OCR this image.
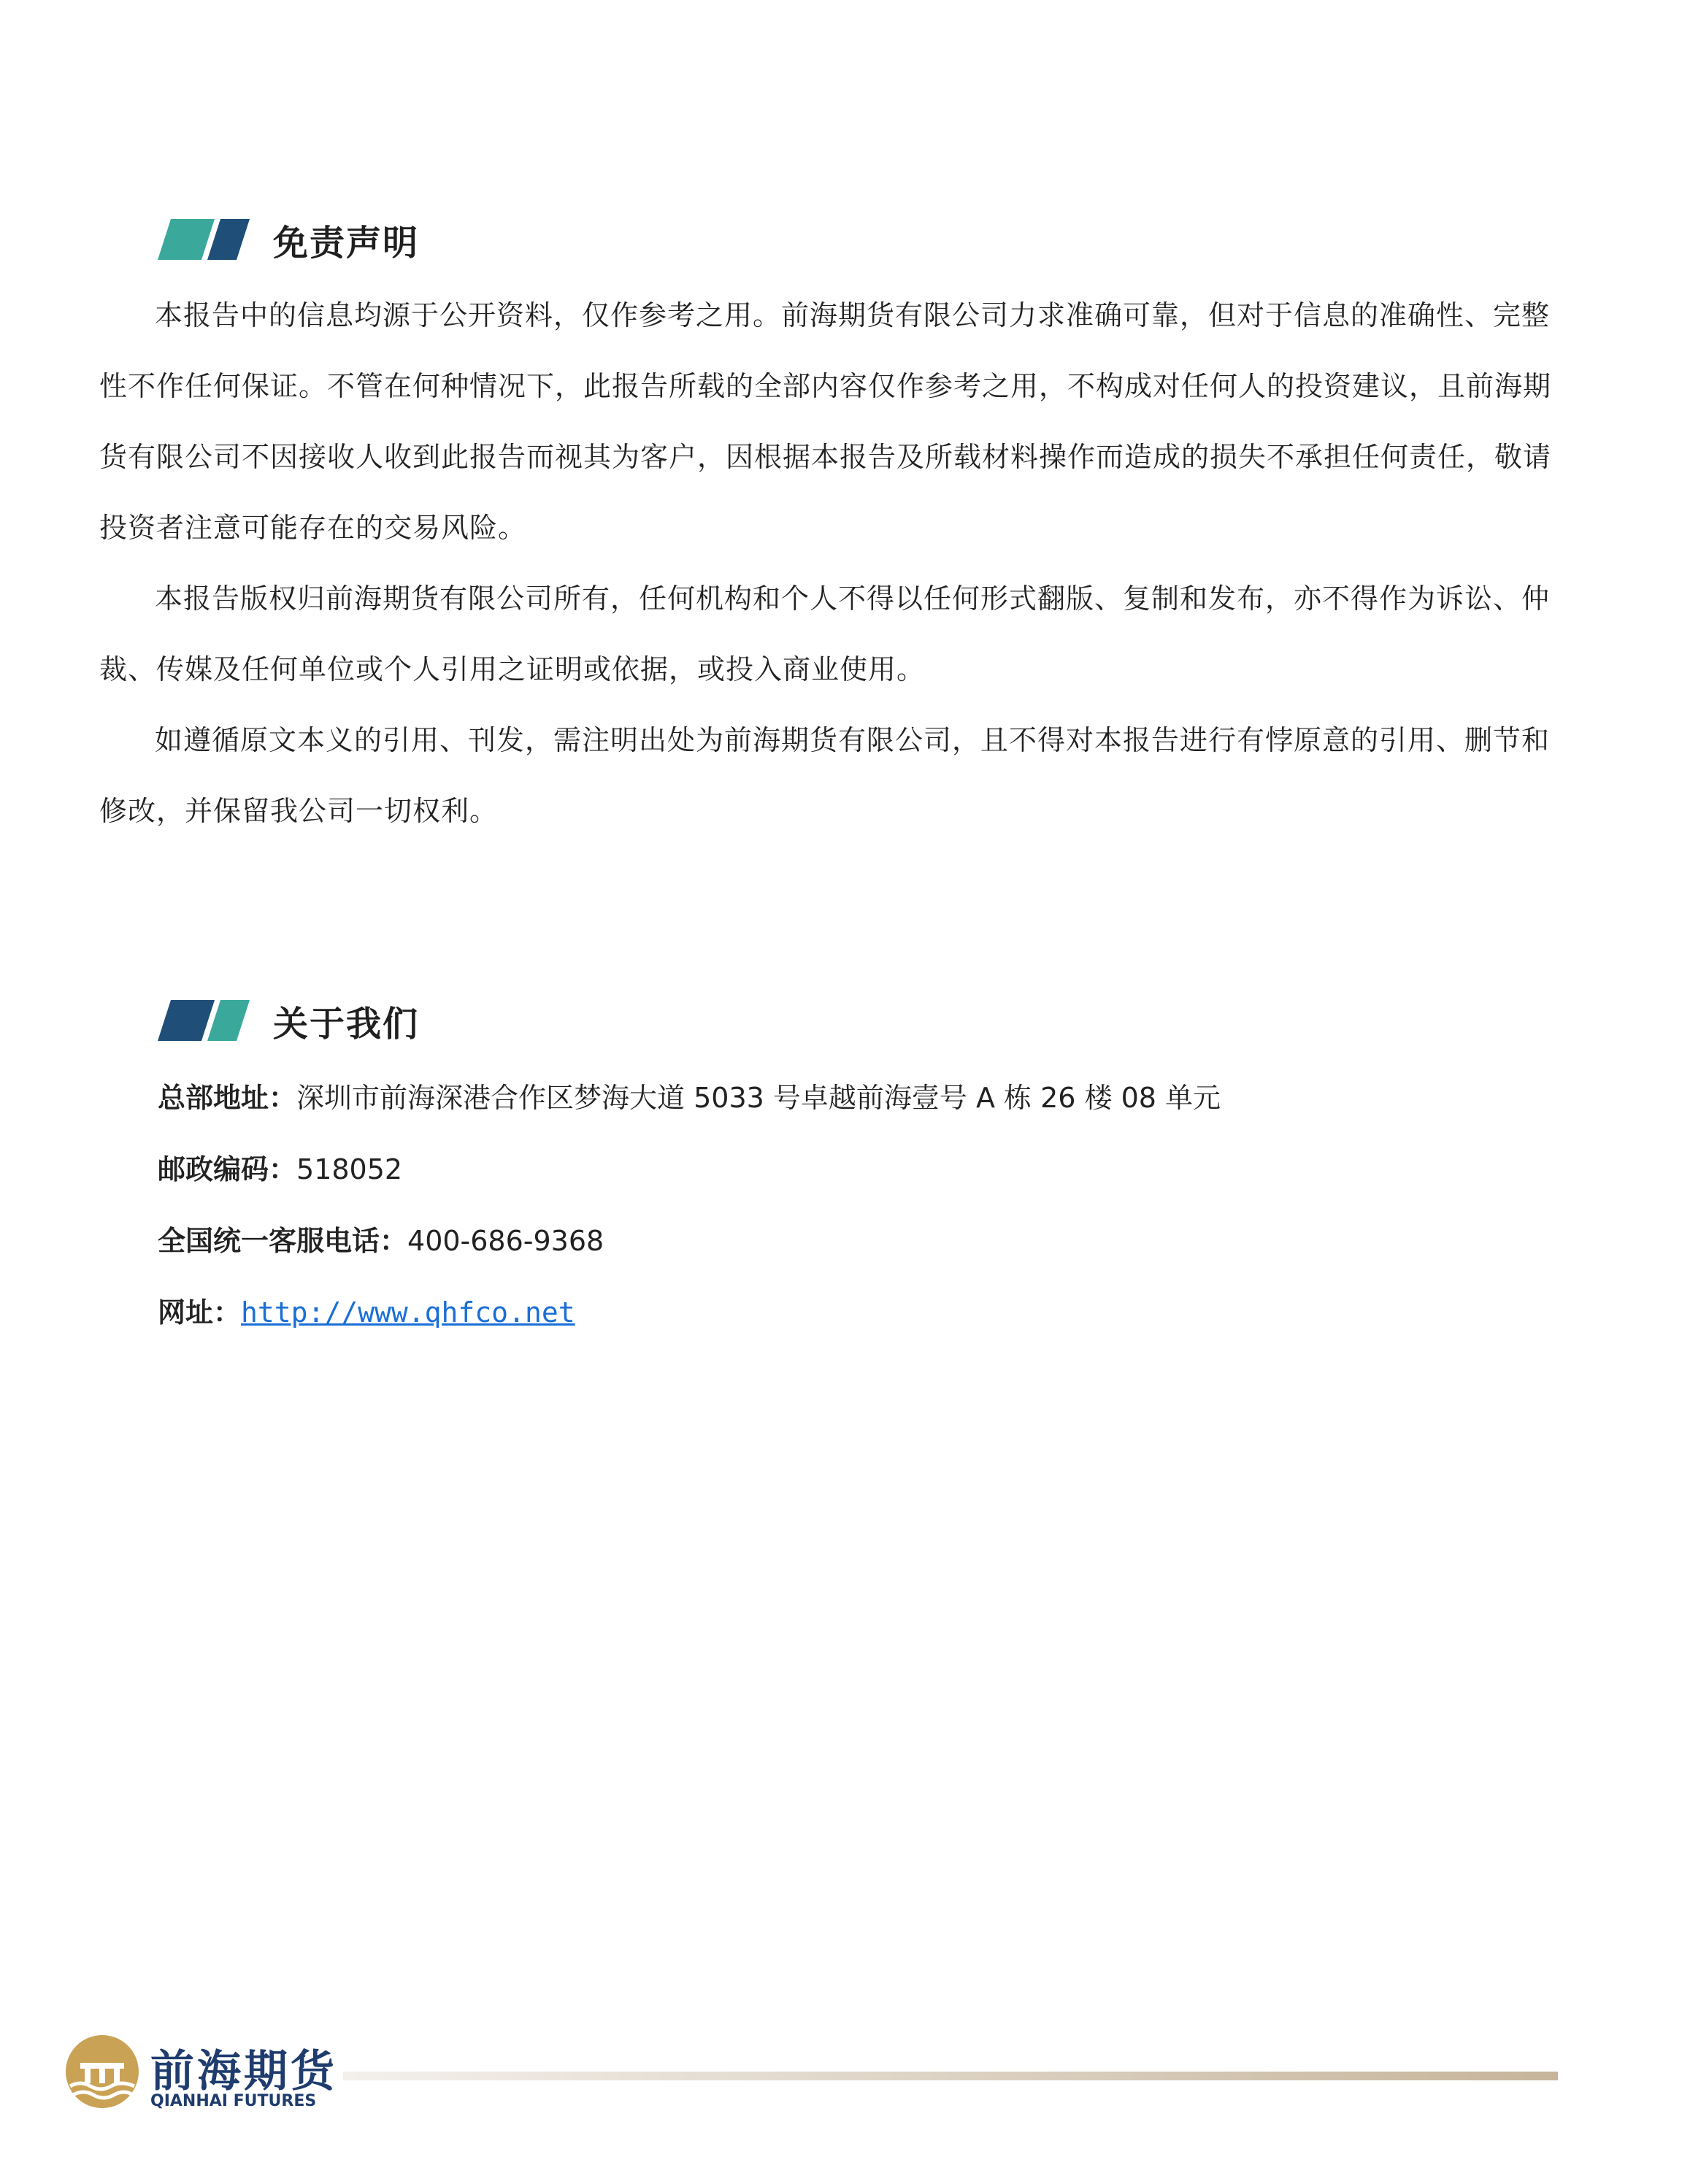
免责声明

本报告中的信息均源于公开资料，仅作参考之用。前海期货有限公司力求准确可靠，但对于信息的准确性、完整性不作任何保证。不管在何种情况下，此报告所载的全部内容仅作参考之用，不构成对任何人的投资建议，且前海期货有限公司不因接收人收到此报告而视其为客户，因根据本报告及所载材料操作而造成的损失不承担任何责任，敬请投资者注意可能存在的交易风险。

本报告版权归前海期货有限公司所有，任何机构和个人不得以任何形式翻版、复制和发布，亦不得作为诉讼、仲裁、传媒及任何单位或个人引用之证明或依据，或投入商业使用。

如遵循原文本义的引用、刊发，需注明出处为前海期货有限公司，且不得对本报告进行有悖原意的引用、删节和修改，并保留我公司一切权利。

关于我们
总部地址：深圳市前海深港合作区梦海大道 5033 号卓越前海壹号 A 栋 26 楼 08 单元
邮政编码：518052
全国统一客服电话：400-686-9368
网址：http://www.qhfco.net
前海期货
QIANHAI FUTURES
